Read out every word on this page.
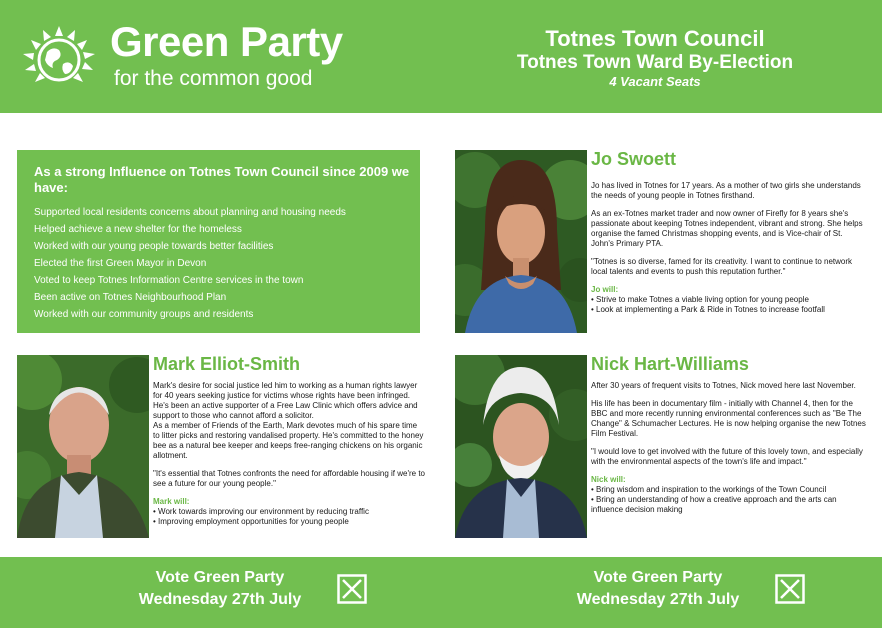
Green Party
for the common good
Totnes Town Council
Totnes Town Ward By-Election
4 Vacant Seats
As a strong Influence on Totnes Town Council since 2009 we have:
Supported local residents concerns about planning and housing needs
Helped achieve a new shelter for the homeless
Worked with our young people towards better facilities
Elected the first Green Mayor in Devon
Voted to keep Totnes Information Centre services in the town
Been active on Totnes Neighbourhood Plan
Worked with our community groups and residents
Jo Swoett

Jo has lived in Totnes for 17 years. As a mother of two girls she understands the needs of young people in Totnes firsthand.

As an ex-Totnes market trader and now owner of Firefly for 8 years she's passionate about keeping Totnes independent, vibrant and strong. She helps organise the famed Christmas shopping events, and is Vice-chair of St. John's Primary PTA.

"Totnes is so diverse, famed for its creativity. I want to continue to network local talents and events to push this reputation further."

Jo will:
• Strive to make Totnes a viable living option for young people
• Look at implementing a Park & Ride in Totnes to increase footfall
Mark Elliot-Smith

Mark's desire for social justice led him to working as a human rights lawyer for 40 years seeking justice for victims whose rights have been infringed. He's been an active supporter of a Free Law Clinic which offers advice and support to those who cannot afford a solicitor.
As a member of Friends of the Earth, Mark devotes much of his spare time to litter picks and restoring vandalised property. He's committed to the honey bee as a natural bee keeper and keeps free-ranging chickens on his organic allotment.

"It's essential that Totnes confronts the need for affordable housing if we're to see a future for our young people."

Mark will:
• Work towards improving our environment by reducing traffic
• Improving employment opportunities for young people
Nick Hart-Williams

After 30 years of frequent visits to Totnes, Nick moved here last November.

His life has been in documentary film - initially with Channel 4, then for the BBC and more recently running environmental conferences such as "Be The Change" & Schumacher Lectures. He is now helping organise the new Totnes Film Festival.

"I would love to get involved with the future of this lovely town, and especially with the environmental aspects of the town's life and impact."

Nick will:
• Bring wisdom and inspiration to the workings of the Town Council
• Bring an understanding of how a creative approach and the arts can influence decision making
Vote Green Party
Wednesday 27th July
Vote Green Party
Wednesday 27th July
